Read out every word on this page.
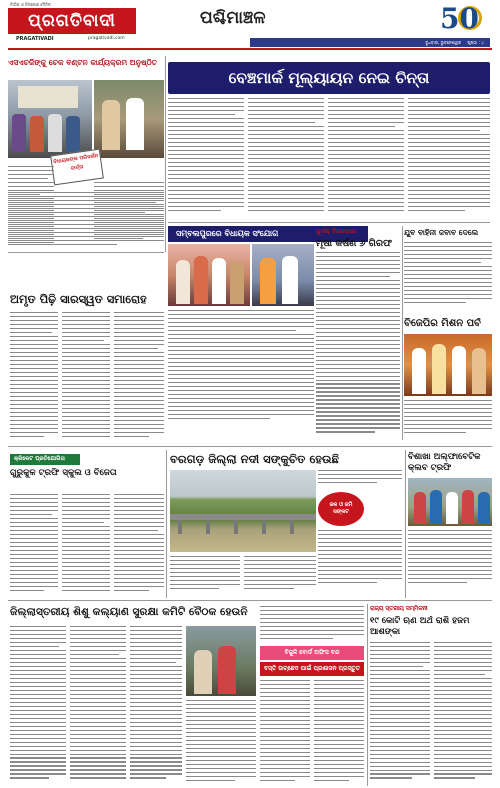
ନିର୍ଭୀକ ଓ ନିରପେକ୍ଷ ଦୈନିକ
ପ୍ରଗତିବାଦୀ
PRAGATIVADI	pragativadi.com
ପଶ୍ଚିମାଞ୍ଚଳ	50
ବୁଧବାର, ଭୁବନେଶ୍ୱର ପୃଷ୍ଠା : ୪
ଏସଏଚଜିଙ୍କୁ ଚେକ ବଣ୍ଟନ କାର୍ଯ୍ୟକ୍ରମ ଅନୁଷ୍ଠିତ
ବିଧାୟକଙ୍କ ପରିଦର୍ଶନ ବାର୍ତ୍ତା
ବେଞ୍ଚମାର୍କ ମୂଲ୍ୟାୟନ ନେଇ ଚିନ୍ତା
ସମ୍ବଲପୁରରେ ବିଧାୟକ ସଂଯୋଗ	ଜୁଏଲ୍ ବିରୋଧରେ
ମୂଷା କର୍ଷଣ ୬ ଗିରଫ
ଯୁବ ବାହିନୀ ଜବାବ ଦେଲେ
ଅମୃତ ପିଢ଼ି ସାରସ୍ୱତ ସମାରୋହ
ବିଜେପିର ମିଶନ ପର୍ବ
କ୍ରିକେଟ ପ୍ରତିଯୋଗିତା
ଗୁରୁକୁଳ ଟ୍ରଫି ସ୍କୁଲ ଓ ବିଜେତା
ବରଗଡ଼ ଜିଲ୍ଲା ନଦୀ ସଙ୍କୁଚିତ ହେଉଛି
ଜଳ ଓ ଜମି ସଙ୍କଟ
ବିଶାଖା ଅଲ୍ଫାବେଟିକ କ୍ଲବ ଟ୍ରଫି
ଜିଲ୍ଲାସ୍ତରୀୟ ଶିଶୁ କଲ୍ୟାଣ ସୁରକ୍ଷା କମିଟି ବୈଠକ ହେଉନି
ବିଜୁଳି ବୋର୍ଡ ଅଫିସ ବନ୍ଦ
ବସ୍ତି ଉଚ୍ଛେଦ ପାଇଁ ପ୍ରଶାସନ ପ୍ରସ୍ତୁତ
ରାଜ୍ୟ ସ୍ତରୀୟ ସମ୍ମିଳନୀ
୧୯ କୋଟି ଋଣ ଅର୍ଥ ରାଶି ହଜମ ଆଶଙ୍କା
